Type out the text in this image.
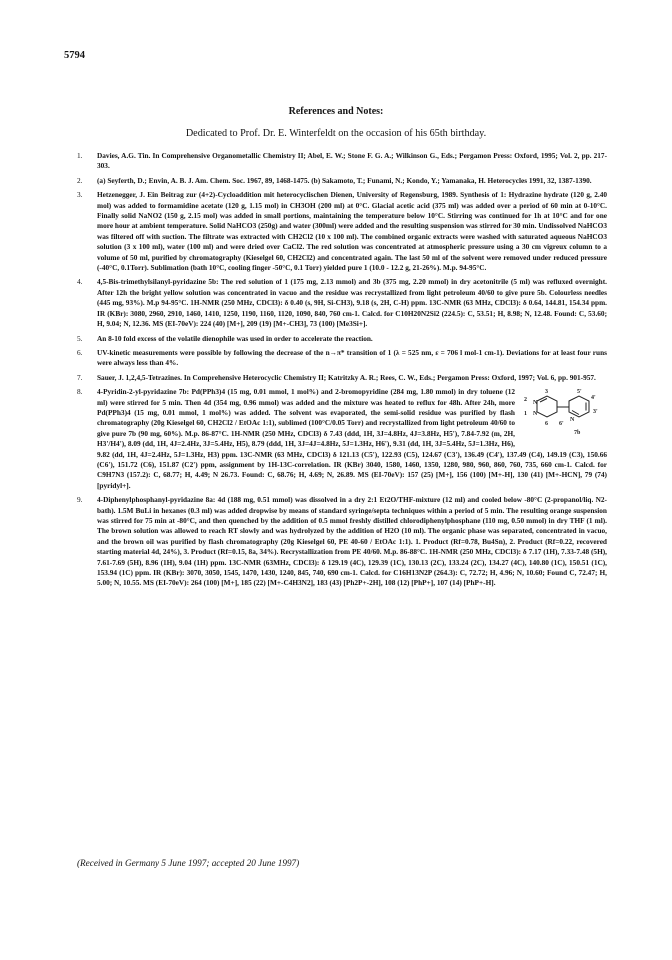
5794
References and Notes:
Dedicated to Prof. Dr. E. Winterfeldt on the occasion of his 65th birthday.
1.	Davies, A.G. Tin. In Comprehensive Organometallic Chemistry II; Abel, E. W.; Stone F. G. A.; Wilkinson G., Eds.; Pergamon Press: Oxford, 1995; Vol. 2, pp. 217-303.
2.	(a) Seyferth, D.; Envin, A. B. J. Am. Chem. Soc. 1967, 89, 1468-1475. (b) Sakamoto, T.; Funami, N.; Kondo, Y.; Yamanaka, H. Heterocycles 1991, 32, 1387-1390.
3.	Hetzenegger, J. Ein Beitrag zur (4+2)-Cycloaddition mit heterocyclischen Dienen, University of Regensburg, 1989. Synthesis of 1: Hydrazine hydrate (120 g, 2.40 mol) was added to formamidine acetate (120 g, 1.15 mol) in CH3OH (200 ml) at 0°C. Glacial acetic acid (375 ml) was added over a period of 60 min at 0-10°C. Finally solid NaNO2 (150 g, 2.15 mol) was added in small portions, maintaining the temperature below 10°C. Stirring was continued for 1h at 10°C and for one more hour at ambient temperature. Solid NaHCO3 (250g) and water (300ml) were added and the resulting suspension was stirred for 30 min. Undissolved NaHCO3 was filtered off with suction. The filtrate was extracted with CH2Cl2 (10 x 100 ml). The combined organic extracts were washed with saturated aqueous NaHCO3 solution (3 x 100 ml), water (100 ml) and were dried over CaCl2. The red solution was concentrated at atmospheric pressure using a 30 cm vigreux column to a volume of 50 ml, purified by chromatography (Kieselgel 60, CH2Cl2) and concentrated again. The last 50 ml of the solvent were removed under reduced pressure (-40°C, 0.1Torr). Sublimation (bath 10°C, cooling finger -50°C, 0.1 Torr) yielded pure 1 (10.0 - 12.2 g, 21-26%). M.p. 94-95°C.
4.	4,5-Bis-trimethylsilanyl-pyridazine 5b: The red solution of 1 (175 mg, 2.13 mmol) and 3b (375 mg, 2.20 mmol) in dry acetonitrile (5 ml) was refluxed overnight. After 12h the bright yellow solution was concentrated in vacuo and the residue was recrystallized from light petroleum 40/60 to give pure 5b. Colourless needles (445 mg, 93%). M.p 94-95°C. 1H-NMR (250 MHz, CDCl3): δ 0.40 (s, 9H, Si-CH3), 9.18 (s, 2H, C-H) ppm. 13C-NMR (63 MHz, CDCl3): δ 0.64, 144.81, 154.34 ppm. IR (KBr): 3080, 2960, 2910, 1460, 1410, 1250, 1190, 1160, 1120, 1090, 840, 760 cm-1. Calcd. for C10H20N2Si2 (224.5): C, 53.51; H, 8.98; N, 12.48. Found: C, 53.60; H, 9.04; N, 12.36. MS (EI-70eV): 224 (40) [M+], 209 (19) [M+-CH3], 73 (100) [Me3Si+].
5.	An 8-10 fold excess of the volatile dienophile was used in order to accelerate the reaction.
6.	UV-kinetic measurements were possible by following the decrease of the n→π* transition of 1 (λ = 525 nm, ε = 706 l mol-1 cm-1). Deviations for at least four runs were always less than 4%.
7.	Sauer, J. 1,2,4,5-Tetrazines. In Comprehensive Heterocyclic Chemistry II; Katritzky A. R.; Rees, C. W., Eds.; Pergamon Press: Oxford, 1997; Vol. 6, pp. 901-957.
8.
N
N
N
3	5'
4'
2
1
6
3'
6'
7b
4-Pyridin-2-yl-pyridazine 7b: Pd(PPh3)4 (15 mg, 0.01 mmol, 1 mol%) and 2-bromopyridine (284 mg, 1.80 mmol) in dry toluene (12 ml) were stirred for 5 min. Then 4d (354 mg, 0.96 mmol) was added and the mixture was heated to reflux for 48h. After 24h, more Pd(PPh3)4 (15 mg, 0.01 mmol, 1 mol%) was added. The solvent was evaporated, the semi-solid residue was purified by flash chromatography (20g Kieselgel 60, CH2Cl2 / EtOAc 1:1), sublimed (100°C/0.05 Torr) and recrystallized from light petroleum 40/60 to give pure 7b (90 mg, 60%). M.p. 86-87°C. 1H-NMR (250 MHz, CDCl3) δ 7.43 (ddd, 1H, 3J=4.8Hz, 4J=3.8Hz, H5'), 7.84-7.92 (m, 2H, H3'/H4'), 8.09 (dd, 1H, 4J=2.4Hz, 3J=5.4Hz, H5), 8.79 (ddd, 1H, 3J=4J=4.8Hz, 5J=1.3Hz, H6'), 9.31 (dd, 1H, 3J=5.4Hz, 5J=1.3Hz, H6), 9.82 (dd, 1H, 4J=2.4Hz, 5J=1.3Hz, H3) ppm. 13C-NMR (63 MHz, CDCl3) δ 121.13 (C5'), 122.93 (C5), 124.67 (C3'), 136.49 (C4'), 137.49 (C4), 149.19 (C3), 150.66 (C6'), 151.72 (C6), 151.87 (C2') ppm, assignment by 1H-13C-correlation. IR (KBr) 3040, 1580, 1460, 1350, 1280, 980, 960, 860, 760, 735, 660 cm-1. Calcd. for C9H7N3 (157.2): C, 68.77; H, 4.49; N 26.73. Found: C, 68.76; H, 4.69; N, 26.89. MS (EI-70eV): 157 (25) [M+], 156 (100) [M+-H], 130 (41) [M+-HCN], 79 (74) [pyridyl+].
9.	4-Diphenylphosphanyl-pyridazine 8a: 4d (188 mg, 0.51 mmol) was dissolved in a dry 2:1 Et2O/THF-mixture (12 ml) and cooled below -80°C (2-propanol/liq. N2-bath). 1.5M BuLi in hexanes (0.3 ml) was added dropwise by means of standard syringe/septa techniques within a period of 5 min. The resulting orange suspension was stirred for 75 min at -80°C, and then quenched by the addition of 0.5 mmol freshly distilled chlorodiphenylphosphane (110 mg, 0.50 mmol) in dry THF (1 ml). The brown solution was allowed to reach RT slowly and was hydrolyzed by the addition of H2O (10 ml). The organic phase was separated, concentrated in vacuo, and the brown oil was purified by flash chromatography (20g Kieselgel 60, PE 40-60 / EtOAc 1:1). 1. Product (Rf=0.78, Bu4Sn), 2. Product (Rf=0.22, recovered starting material 4d, 24%), 3. Product (Rf=0.15, 8a, 34%). Recrystallization from PE 40/60. M.p. 86-88°C. 1H-NMR (250 MHz, CDCl3): δ 7.17 (1H), 7.33-7.48 (5H), 7.61-7.69 (5H), 8.96 (1H), 9.04 (1H) ppm. 13C-NMR (63MHz, CDCl3): δ 129.19 (4C), 129.39 (1C), 130.13 (2C), 133.24 (2C), 134.27 (4C), 140.80 (1C), 150.51 (1C), 153.94 (1C) ppm. IR (KBr): 3070, 3050, 1545, 1470, 1430, 1240, 845, 740, 690 cm-1. Calcd. for C16H13N2P (264.3): C, 72.72; H, 4.96; N, 10.60; Found C, 72.47; H, 5.00; N, 10.55. MS (EI-70eV): 264 (100) [M+], 185 (22) [M+-C4H3N2], 183 (43) [Ph2P+-2H], 108 (12) [PhP+], 107 (14) [PhP+-H].
(Received in Germany 5 June 1997; accepted 20 June 1997)
